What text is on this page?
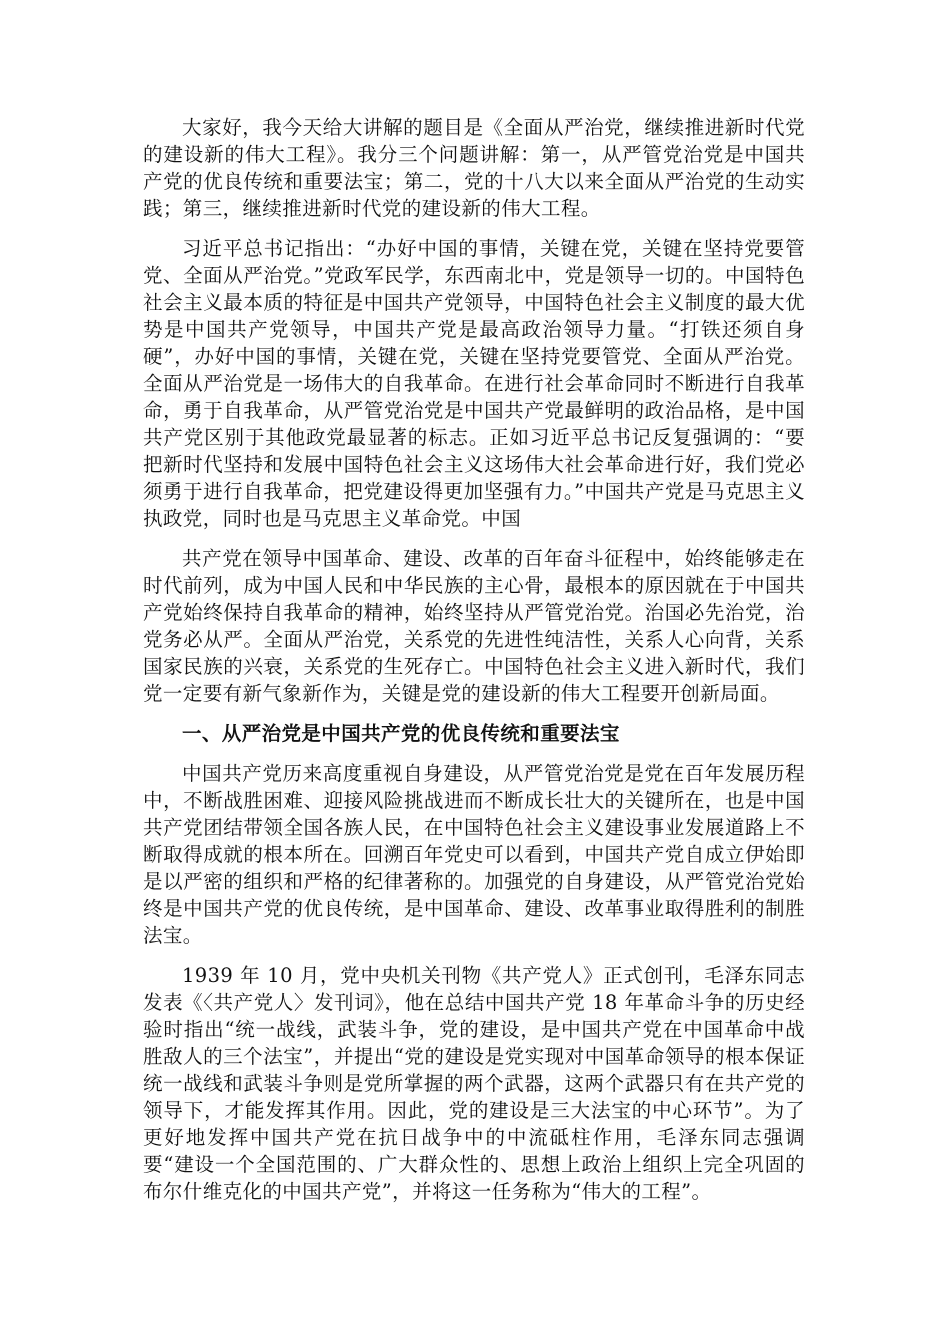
大家好，我今天给大讲解的题目是《全面从严治党，继续推进新时代党的建设新的伟大工程》。我分三个问题讲解：第一，从严管党治党是中国共产党的优良传统和重要法宝；第二，党的十八大以来全面从严治党的生动实践；第三，继续推进新时代党的建设新的伟大工程。

习近平总书记指出：“办好中国的事情，关键在党，关键在坚持党要管党、全面从严治党。”党政军民学，东西南北中，党是领导一切的。中国特色社会主义最本质的特征是中国共产党领导，中国特色社会主义制度的最大优势是中国共产党领导，中国共产党是最高政治领导力量。“打铁还须自身硬”，办好中国的事情，关键在党，关键在坚持党要管党、全面从严治党。全面从严治党是一场伟大的自我革命。在进行社会革命同时不断进行自我革命，勇于自我革命，从严管党治党是中国共产党最鲜明的政治品格，是中国共产党区别于其他政党最显著的标志。正如习近平总书记反复强调的：“要把新时代坚持和发展中国特色社会主义这场伟大社会革命进行好，我们党必须勇于进行自我革命，把党建设得更加坚强有力。”中国共产党是马克思主义执政党，同时也是马克思主义革命党。中国

共产党在领导中国革命、建设、改革的百年奋斗征程中，始终能够走在时代前列，成为中国人民和中华民族的主心骨，最根本的原因就在于中国共产党始终保持自我革命的精神，始终坚持从严管党治党。治国必先治党，治党务必从严。全面从严治党，关系党的先进性纯洁性，关系人心向背，关系国家民族的兴衰，关系党的生死存亡。中国特色社会主义进入新时代，我们党一定要有新气象新作为，关键是党的建设新的伟大工程要开创新局面。

一、从严治党是中国共产党的优良传统和重要法宝

中国共产党历来高度重视自身建设，从严管党治党是党在百年发展历程中，不断战胜困难、迎接风险挑战进而不断成长壮大的关键所在，也是中国共产党团结带领全国各族人民，在中国特色社会主义建设事业发展道路上不断取得成就的根本所在。回溯百年党史可以看到，中国共产党自成立伊始即是以严密的组织和严格的纪律著称的。加强党的自身建设，从严管党治党始终是中国共产党的优良传统，是中国革命、建设、改革事业取得胜利的制胜法宝。

1939 年 10 月，党中央机关刊物《共产党人》正式创刊，毛泽东同志发表《〈共产党人〉发刊词》，他在总结中国共产党 18 年革命斗争的历史经验时指出“统一战线，武装斗争，党的建设，是中国共产党在中国革命中战胜敌人的三个法宝”，并提出“党的建设是党实现对中国革命领导的根本保证统一战线和武装斗争则是党所掌握的两个武器，这两个武器只有在共产党的领导下，才能发挥其作用。因此，党的建设是三大法宝的中心环节”。为了更好地发挥中国共产党在抗日战争中的中流砥柱作用，毛泽东同志强调要“建设一个全国范围的、广大群众性的、思想上政治上组织上完全巩固的布尔什维克化的中国共产党”，并将这一任务称为“伟大的工程”。
